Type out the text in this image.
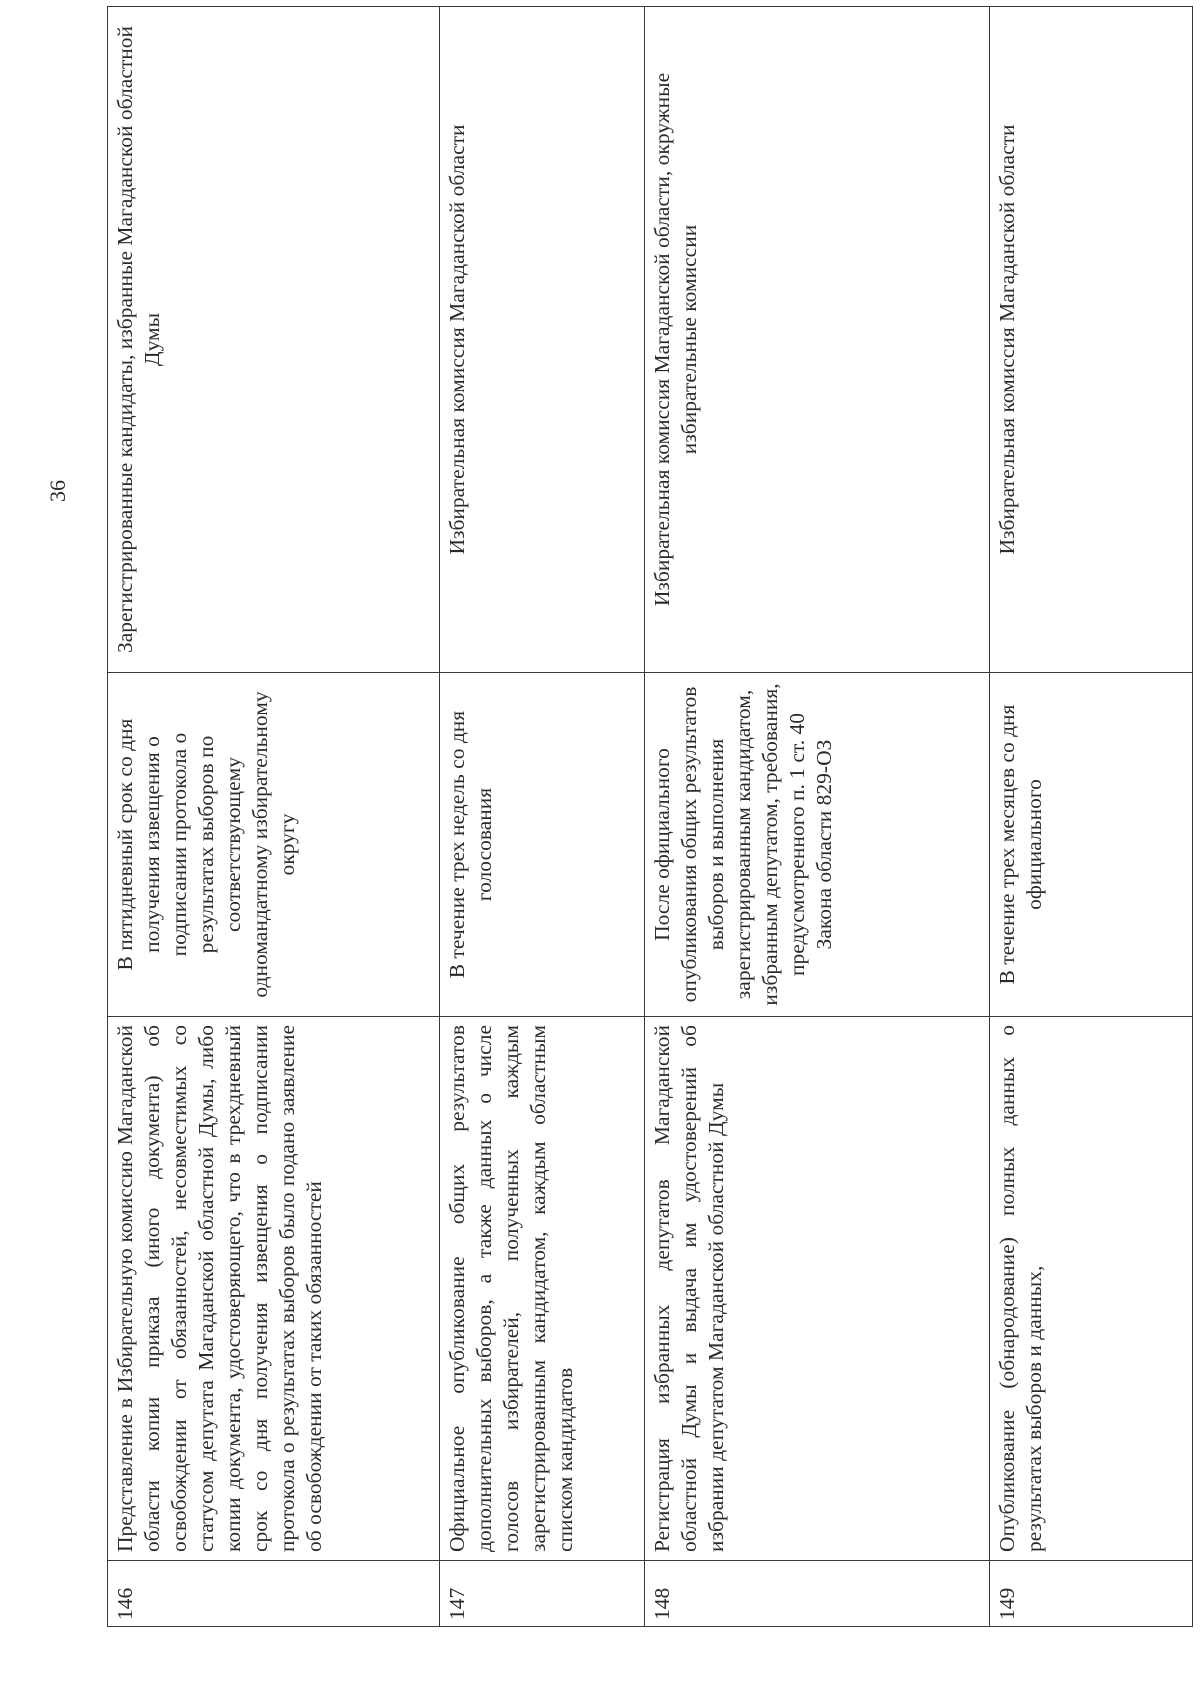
36
146	Представление в Избирательную комиссию Магаданской области копии приказа (иного документа) об освобождении от обязанностей, несовместимых со статусом депутата Магаданской областной Думы, либо копии документа, удостоверяющего, что в трехдневный срок со дня получения извещения о подписании протокола о результатах выборов было подано заявление об освобождении от таких обязанностей	В пятидневный срок со дня получения извещения о подписании протокола о результатах выборов по соответствующему одномандатному избирательному округу	Зарегистрированные кандидаты, избранные Магаданской областной Думы
147	Официальное опубликование общих результатов дополнительных выборов, а также данных о числе голосов избирателей, полученных каждым зарегистрированным кандидатом, каждым областным списком кандидатов	В течение трех недель со дня голосования	Избирательная комиссия Магаданской области
148	Регистрация избранных депутатов Магаданской областной Думы и выдача им удостоверений об избрании депутатом Магаданской областной Думы	После официального опубликования общих результатов выборов и выполнения зарегистрированным кандидатом, избранным депутатом, требования, предусмотренного п. 1 ст. 40 Закона области 829-ОЗ	Избирательная комиссия Магаданской области, окружные избирательные комиссии
149	Опубликование (обнародование) полных данных о результатах выборов и данных,	В течение трех месяцев со дня официального	Избирательная комиссия Магаданской области
